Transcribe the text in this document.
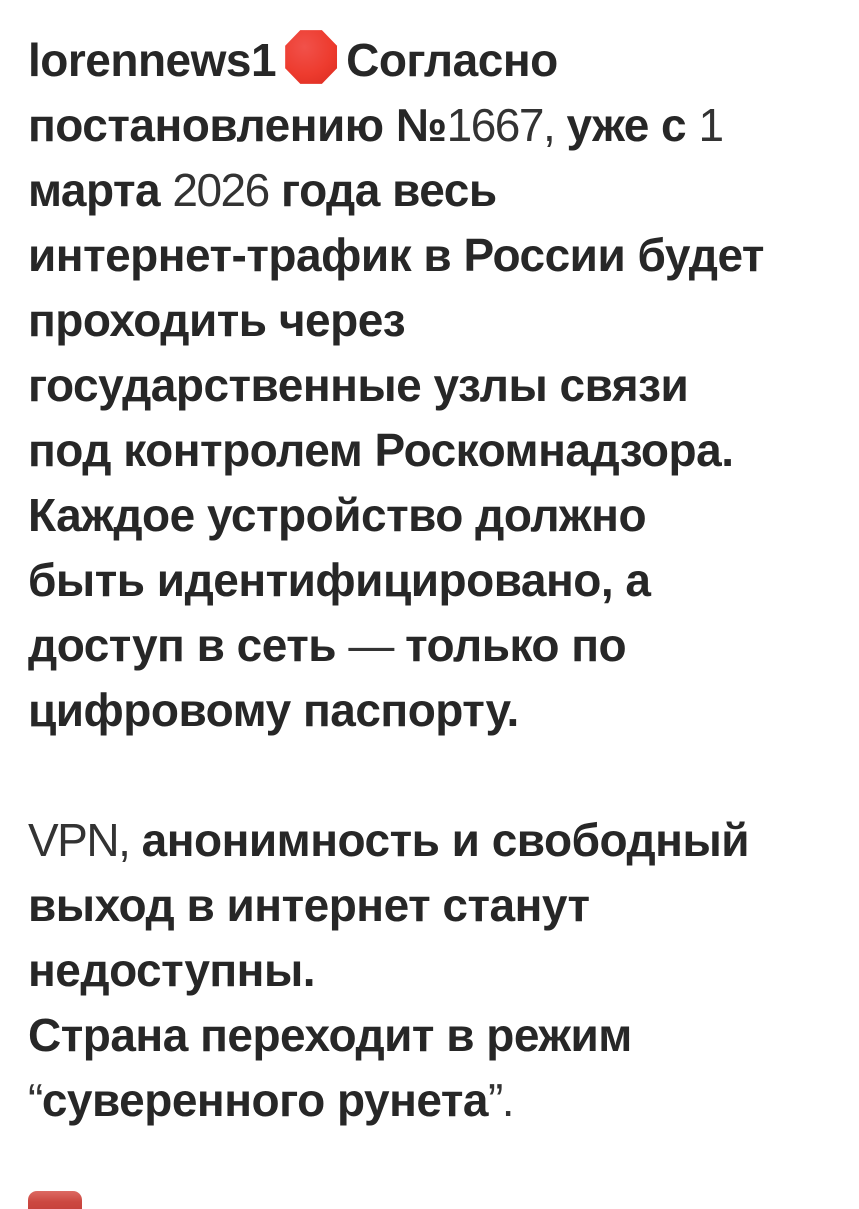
lorennews1 Согласно
постановлению №1667, уже с 1
марта 2026 года весь
интернет-трафик в России будет
проходить через
государственные узлы связи
под контролем Роскомнадзора.
Каждое устройство должно
быть идентифицировано, а
доступ в сеть — только по
цифровому паспорту.
VPN, анонимность и свободный
выход в интернет станут
недоступны.
Страна переходит в режим
“суверенного рунета”.
